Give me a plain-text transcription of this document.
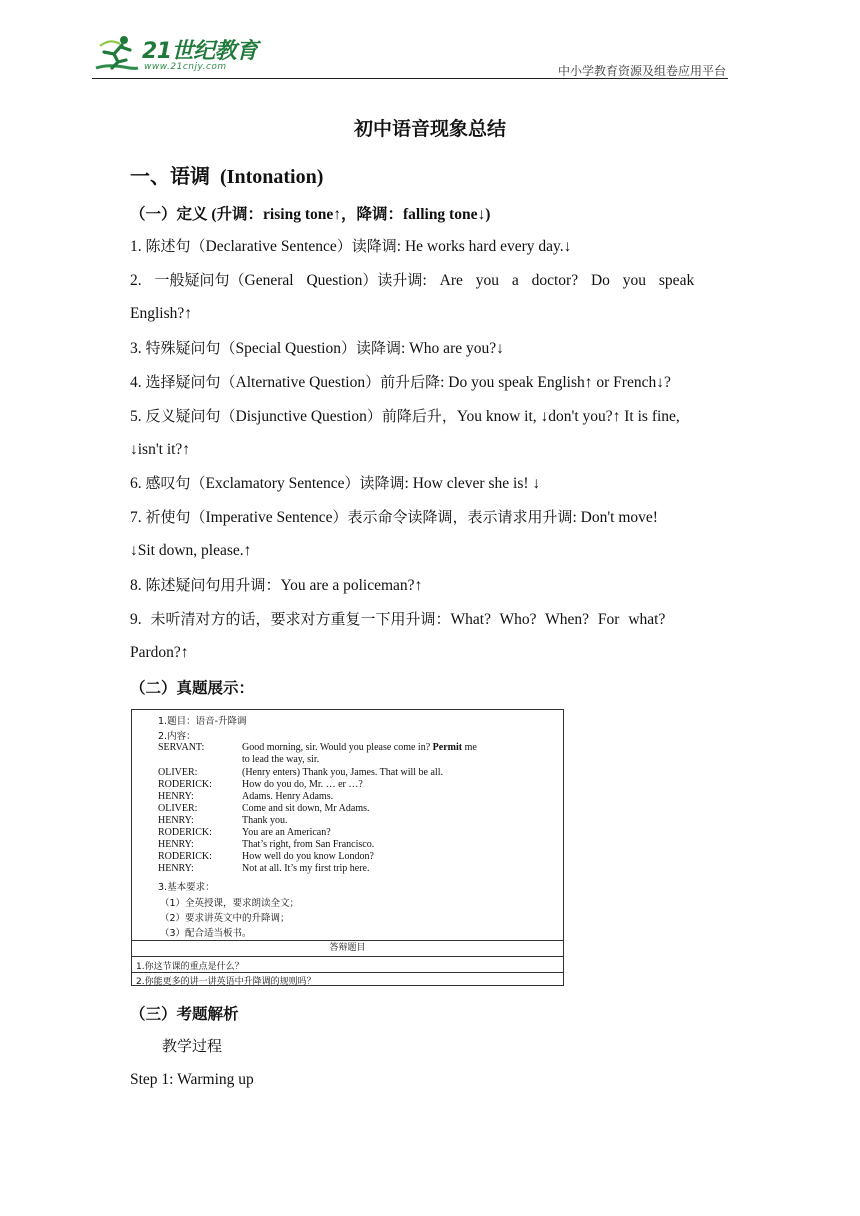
21世纪教育
www.21cnjy.com	中小学教育资源及组卷应用平台
初中语音现象总结
一、语调 (Intonation)
（一）定义 (升调：rising tone↑，降调：falling tone↓)
1. 陈述句（Declarative Sentence）读降调: He works hard every day.↓
2. 一般疑问句（General Question）读升调: Are you a doctor? Do you speak
English?↑
3. 特殊疑问句（Special Question）读降调: Who are you?↓
4. 选择疑问句（Alternative Question）前升后降: Do you speak English↑ or French↓?
5. 反义疑问句（Disjunctive Question）前降后升，You know it, ↓don't you?↑ It is fine,
↓isn't it?↑
6. 感叹句（Exclamatory Sentence）读降调: How clever she is! ↓
7. 祈使句（Imperative Sentence）表示命令读降调，表示请求用升调: Don't move!
↓Sit down, please.↑
8. 陈述疑问句用升调：You are a policeman?↑
9. 未听清对方的话，要求对方重复一下用升调：What? Who? When? For what?
Pardon?↑
（二）真题展示：
1.题目：语音-升降调
2.内容：
SERVANT:	Good morning, sir. Would you please come in? Permit me
to lead the way, sir.
OLIVER:	(Henry enters) Thank you, James. That will be all.
RODERICK:	How do you do, Mr. … er …?
HENRY:	Adams. Henry Adams.
OLIVER:	Come and sit down, Mr Adams.
HENRY:	Thank you.
RODERICK:	You are an American?
HENRY:	That’s right, from San Francisco.
RODERICK:	How well do you know London?
HENRY:	Not at all. It’s my first trip here.
3.基本要求：
（1）全英授课，要求朗读全文；
（2）要求讲英文中的升降调；
（3）配合适当板书。
答辩题目
1.你这节课的重点是什么？
2.你能更多的讲一讲英语中升降调的规则吗？
（三）考题解析
教学过程
Step 1: Warming up
